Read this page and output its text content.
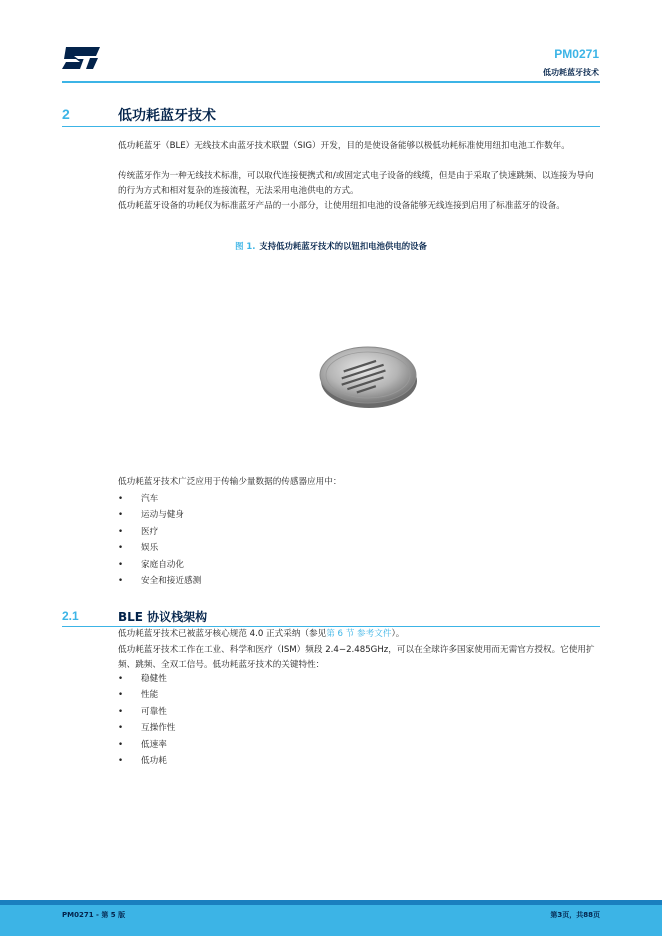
PM0271
低功耗蓝牙技术
2	低功耗蓝牙技术
低功耗蓝牙（BLE）无线技术由蓝牙技术联盟（SIG）开发，目的是使设备能够以极低功耗标准使用纽扣电池工作数年。
传统蓝牙作为一种无线技术标准，可以取代连接便携式和/或固定式电子设备的线缆，但是由于采取了快速跳频、以连接为导向的行为方式和相对复杂的连接流程，无法采用电池供电的方式。
低功耗蓝牙设备的功耗仅为标准蓝牙产品的一小部分，让使用纽扣电池的设备能够无线连接到启用了标准蓝牙的设备。
图 1. 支持低功耗蓝牙技术的以钮扣电池供电的设备
低功耗蓝牙技术广泛应用于传输少量数据的传感器应用中：
• 汽车
• 运动与健身
• 医疗
• 娱乐
• 家庭自动化
• 安全和接近感测
2.1	BLE 协议栈架构
低功耗蓝牙技术已被蓝牙核心规范 4.0 正式采纳（参见第 6 节 参考文件）。
低功耗蓝牙技术工作在工业、科学和医疗（ISM）频段 2.4−2.485GHz，可以在全球许多国家使用而无需官方授权。它使用扩频、跳频、全双工信号。低功耗蓝牙技术的关键特性：
• 稳健性
• 性能
• 可靠性
• 互操作性
• 低速率
• 低功耗
PM0271 - 第 5 版	第3页，共88页
